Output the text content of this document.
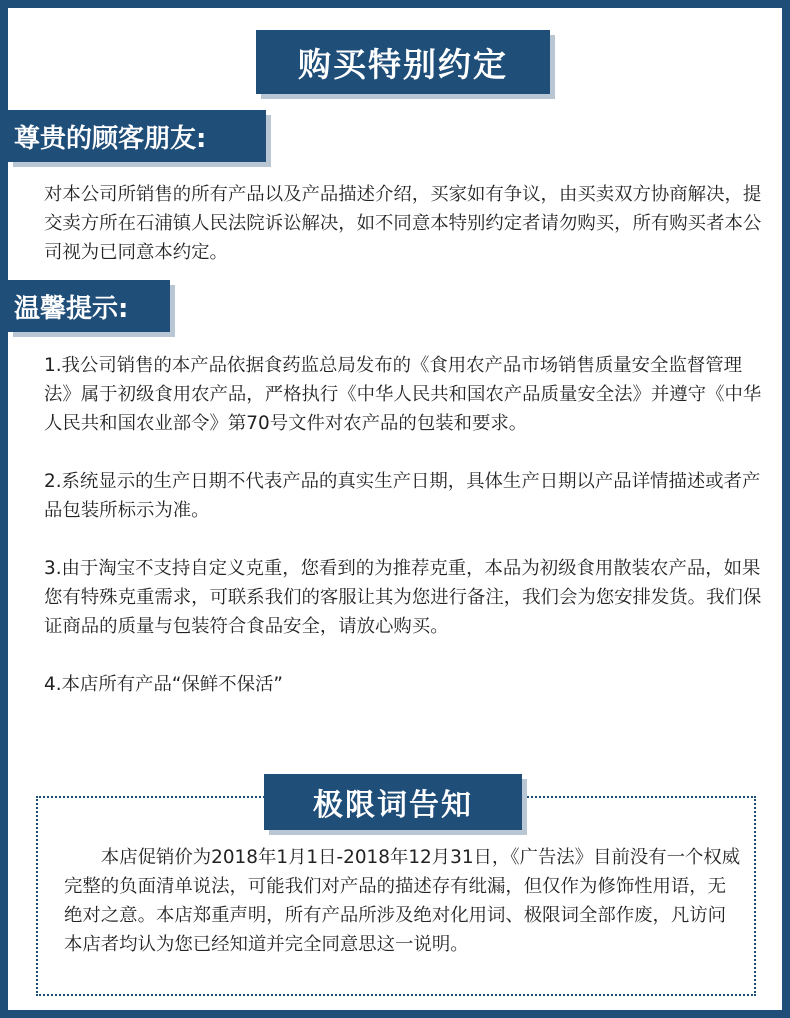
购买特别约定
尊贵的顾客朋友:

对本公司所销售的所有产品以及产品描述介绍，买家如有争议，由买卖双方协商解决，提交卖方所在石浦镇人民法院诉讼解决，如不同意本特别约定者请勿购买，所有购买者本公司视为已同意本约定。

温馨提示:

1.我公司销售的本产品依据食药监总局发布的《食用农产品市场销售质量安全监督管理法》属于初级食用农产品，严格执行《中华人民共和国农产品质量安全法》并遵守《中华人民共和国农业部令》第70号文件对农产品的包装和要求。

2.系统显示的生产日期不代表产品的真实生产日期，具体生产日期以产品详情描述或者产品包装所标示为准。

3.由于淘宝不支持自定义克重，您看到的为推荐克重，本品为初级食用散装农产品，如果您有特殊克重需求，可联系我们的客服让其为您进行备注，我们会为您安排发货。我们保证商品的质量与包装符合食品安全，请放心购买。

4.本店所有产品“保鲜不保活”

极限词告知
本店促销价为2018年1月1日-2018年12月31日，《广告法》目前没有一个权威完整的负面清单说法，可能我们对产品的描述存有纰漏，但仅作为修饰性用语，无绝对之意。本店郑重声明，所有产品所涉及绝对化用词、极限词全部作废，凡访问本店者均认为您已经知道并完全同意思这一说明。
